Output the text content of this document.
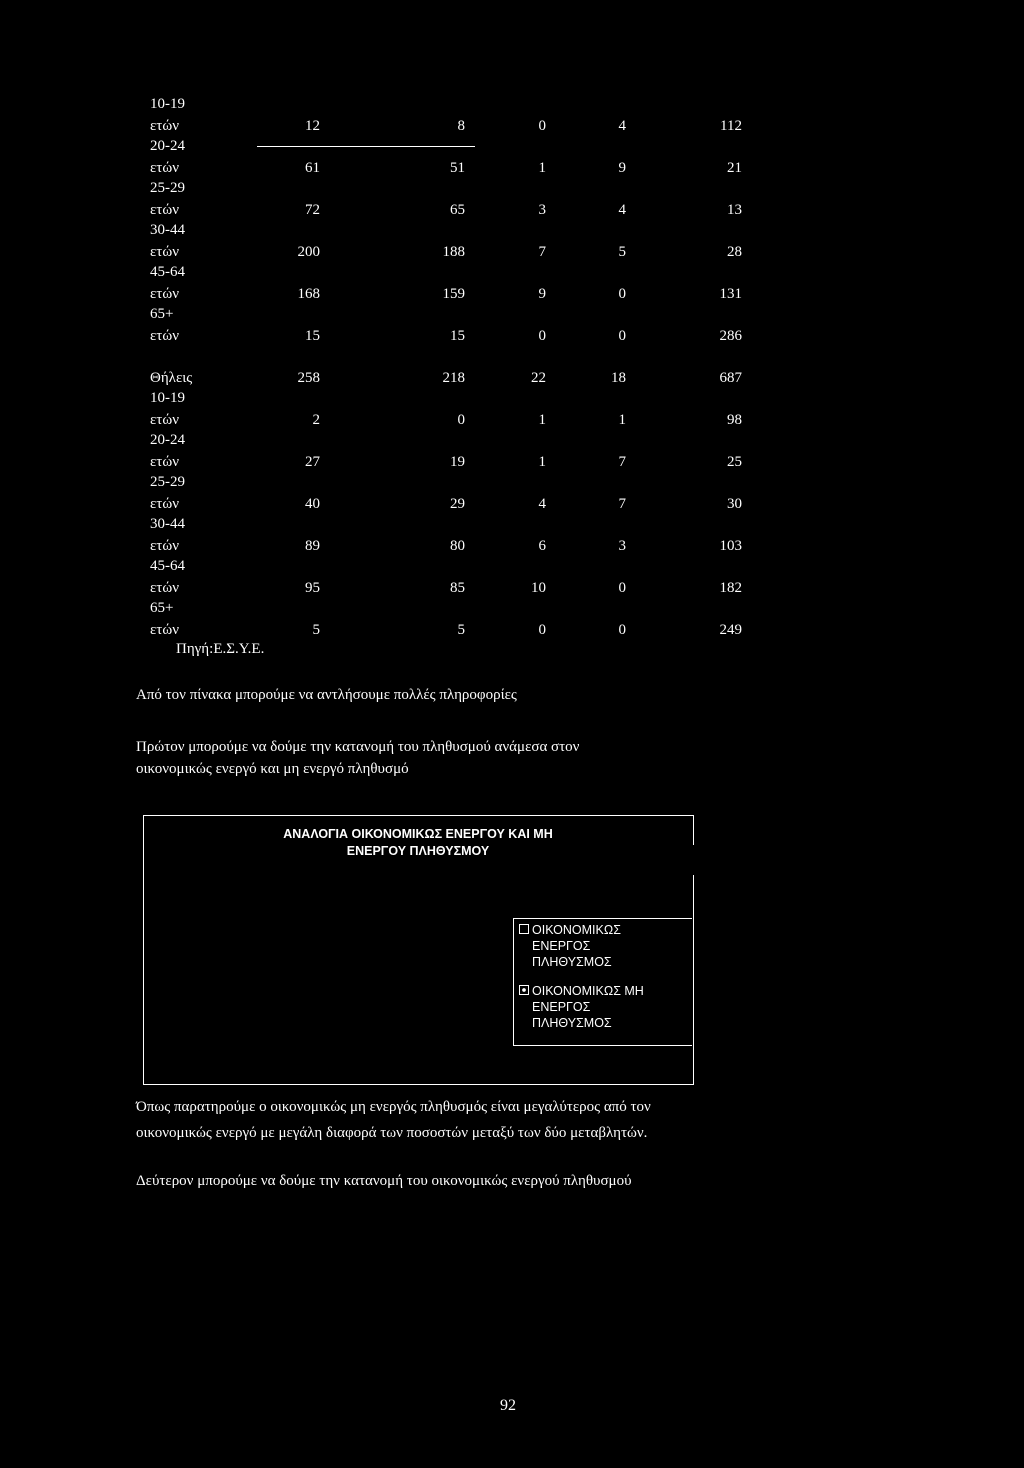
10-19
ετών	12	8	0	4	112
20-24
ετών	61	51	1	9	21
25-29
ετών	72	65	3	4	13
30-44
ετών	200	188	7	5	28
45-64
ετών	168	159	9	0	131
65+
ετών	15	15	0	0	286
Θήλεις	258	218	22	18	687
10-19
ετών	2	0	1	1	98
20-24
ετών	27	19	1	7	25
25-29
ετών	40	29	4	7	30
30-44
ετών	89	80	6	3	103
45-64
ετών	95	85	10	0	182
65+
ετών	5	5	0	0	249
Πηγή:Ε.Σ.Υ.Ε.
Από τον πίνακα μπορούμε να αντλήσουμε πολλές πληροφορίες
Πρώτον μπορούμε να δούμε την κατανομή του πληθυσμού ανάμεσα στον
οικονομικώς ενεργό και μη ενεργό πληθυσμό
ΑΝΑΛΟΓΙΑ ΟΙΚΟΝΟΜΙΚΩΣ ΕΝΕΡΓΟΥ ΚΑΙ ΜΗ
ΕΝΕΡΓΟΥ ΠΛΗΘΥΣΜΟΥ
ΟΙΚΟΝΟΜΙΚΩΣ
ΕΝΕΡΓΟΣ
ΠΛΗΘΥΣΜΟΣ
ΟΙΚΟΝΟΜΙΚΩΣ ΜΗ
ΕΝΕΡΓΟΣ
ΠΛΗΘΥΣΜΟΣ
Όπως παρατηρούμε ο οικονομικώς μη ενεργός πληθυσμός είναι μεγαλύτερος από τον
οικονομικώς ενεργό με μεγάλη διαφορά των ποσοστών μεταξύ των δύο μεταβλητών.
Δεύτερον μπορούμε να δούμε την κατανομή του οικονομικώς ενεργού πληθυσμού
92
